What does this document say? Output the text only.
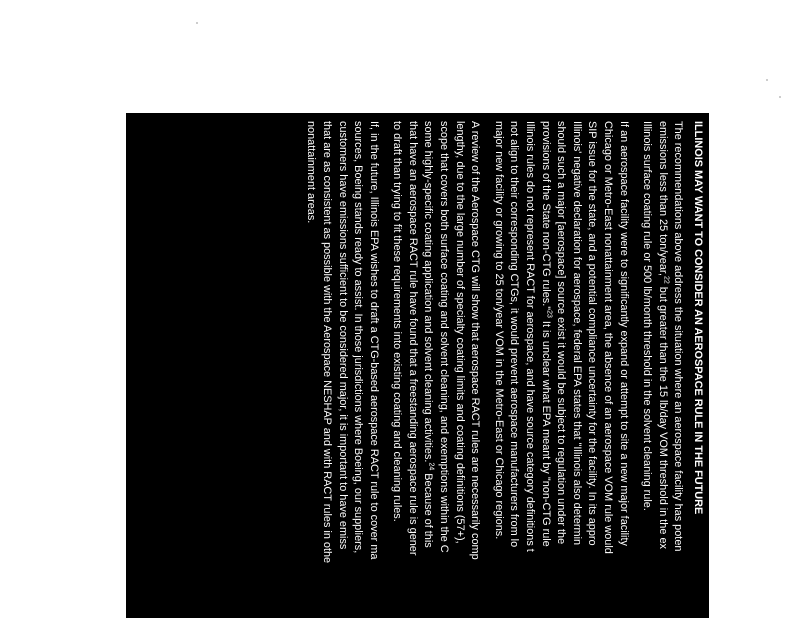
ILLINOIS MAY WANT TO CONSIDER AN AEROSPACE RULE IN THE FUTURE
The recommendations above address the situation where an aerospace facility has poten
emissions less than 25 ton/year,$^{22}$ but greater than the 15 lb/day VOM threshold in the ex
Illinois surface coating rule or 500 lb/month threshold in the solvent cleaning rule.
If an aerospace facility were to significantly expand or attempt to site a new major facility
Chicago or Metro-East nonattainment area, the absence of an aerospace VOM rule would
SIP issue for the state, and a potential compliance uncertainty for the facility. In its appro
Illinois' negative declaration for aerospace, federal EPA states that "Illinois also determin
should such a major [aerospace] source exist it would be subject to regulation under the
provisions of the State non-CTG rules."$^{23}$ It is unclear what EPA meant by "non-CTG rule
Illinois rules do not represent RACT for aerospace, and have source category definitions t
not align to their corresponding CTGs, it would prevent aerospace manufacturers from lo
major new facility or growing to 25 ton/year VOM in the Metro-East or Chicago regions.
A review of the Aerospace CTG will show that aerospace RACT rules are necessarily comp
lengthy, due to the large number of specialty coating limits and coating definitions (57+),
scope that covers both surface coating and solvent cleaning, and exemptions within the C
some highly-specific coating application and solvent cleaning activities.$^{24}$ Because of this
that have an aerospace RACT rule have found that a freestanding aerospace rule is gener
to draft than trying to fit these requirements into existing coating and cleaning rules.
If, in the future, Illinois EPA wishes to draft a CTG-based aerospace RACT rule to cover ma
sources, Boeing stands ready to assist. In those jurisdictions where Boeing, our suppliers,
customers have emissions sufficient to be considered major, it is important to have emiss
that are as consistent as possible with the Aerospace NESHAP and with RACT rules in othe
nonattainment areas.
